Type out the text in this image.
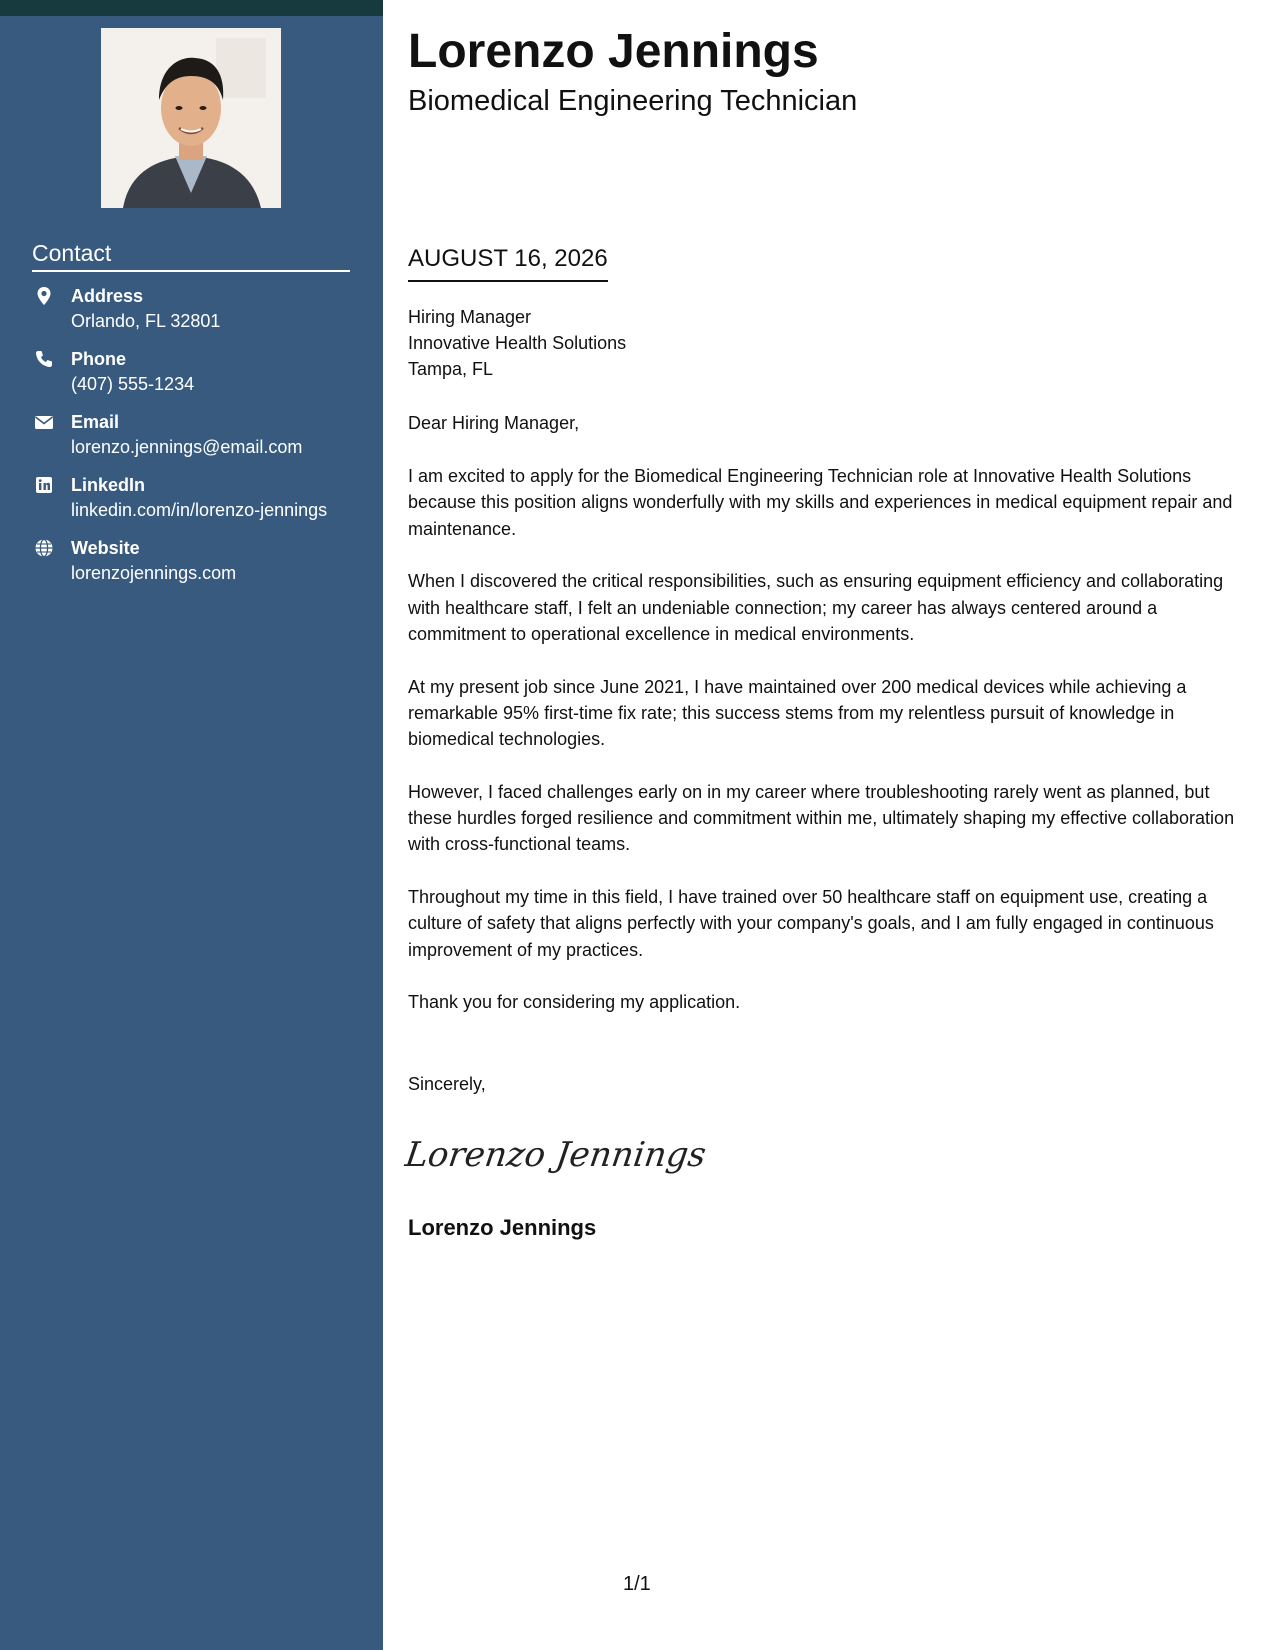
Contact
Address
Orlando, FL 32801
Phone
(407) 555-1234
Email
lorenzo.jennings@email.com
LinkedIn
linkedin.com/in/lorenzo-jennings
Website
lorenzojennings.com
Lorenzo Jennings
Biomedical Engineering Technician
AUGUST 16, 2026
Hiring Manager
Innovative Health Solutions
Tampa, FL
Dear Hiring Manager,

I am excited to apply for the Biomedical Engineering Technician role at Innovative Health Solutions because this position aligns wonderfully with my skills and experiences in medical equipment repair and maintenance.

When I discovered the critical responsibilities, such as ensuring equipment efficiency and collaborating with healthcare staff, I felt an undeniable connection; my career has always centered around a commitment to operational excellence in medical environments.

At my present job since June 2021, I have maintained over 200 medical devices while achieving a remarkable 95% first-time fix rate; this success stems from my relentless pursuit of knowledge in biomedical technologies.

However, I faced challenges early on in my career where troubleshooting rarely went as planned, but these hurdles forged resilience and commitment within me, ultimately shaping my effective collaboration with cross-functional teams.

Throughout my time in this field, I have trained over 50 healthcare staff on equipment use, creating a culture of safety that aligns perfectly with your company's goals, and I am fully engaged in continuous improvement of my practices.

Thank you for considering my application.

Sincerely,
Lorenzo Jennings
Lorenzo Jennings
1/1
